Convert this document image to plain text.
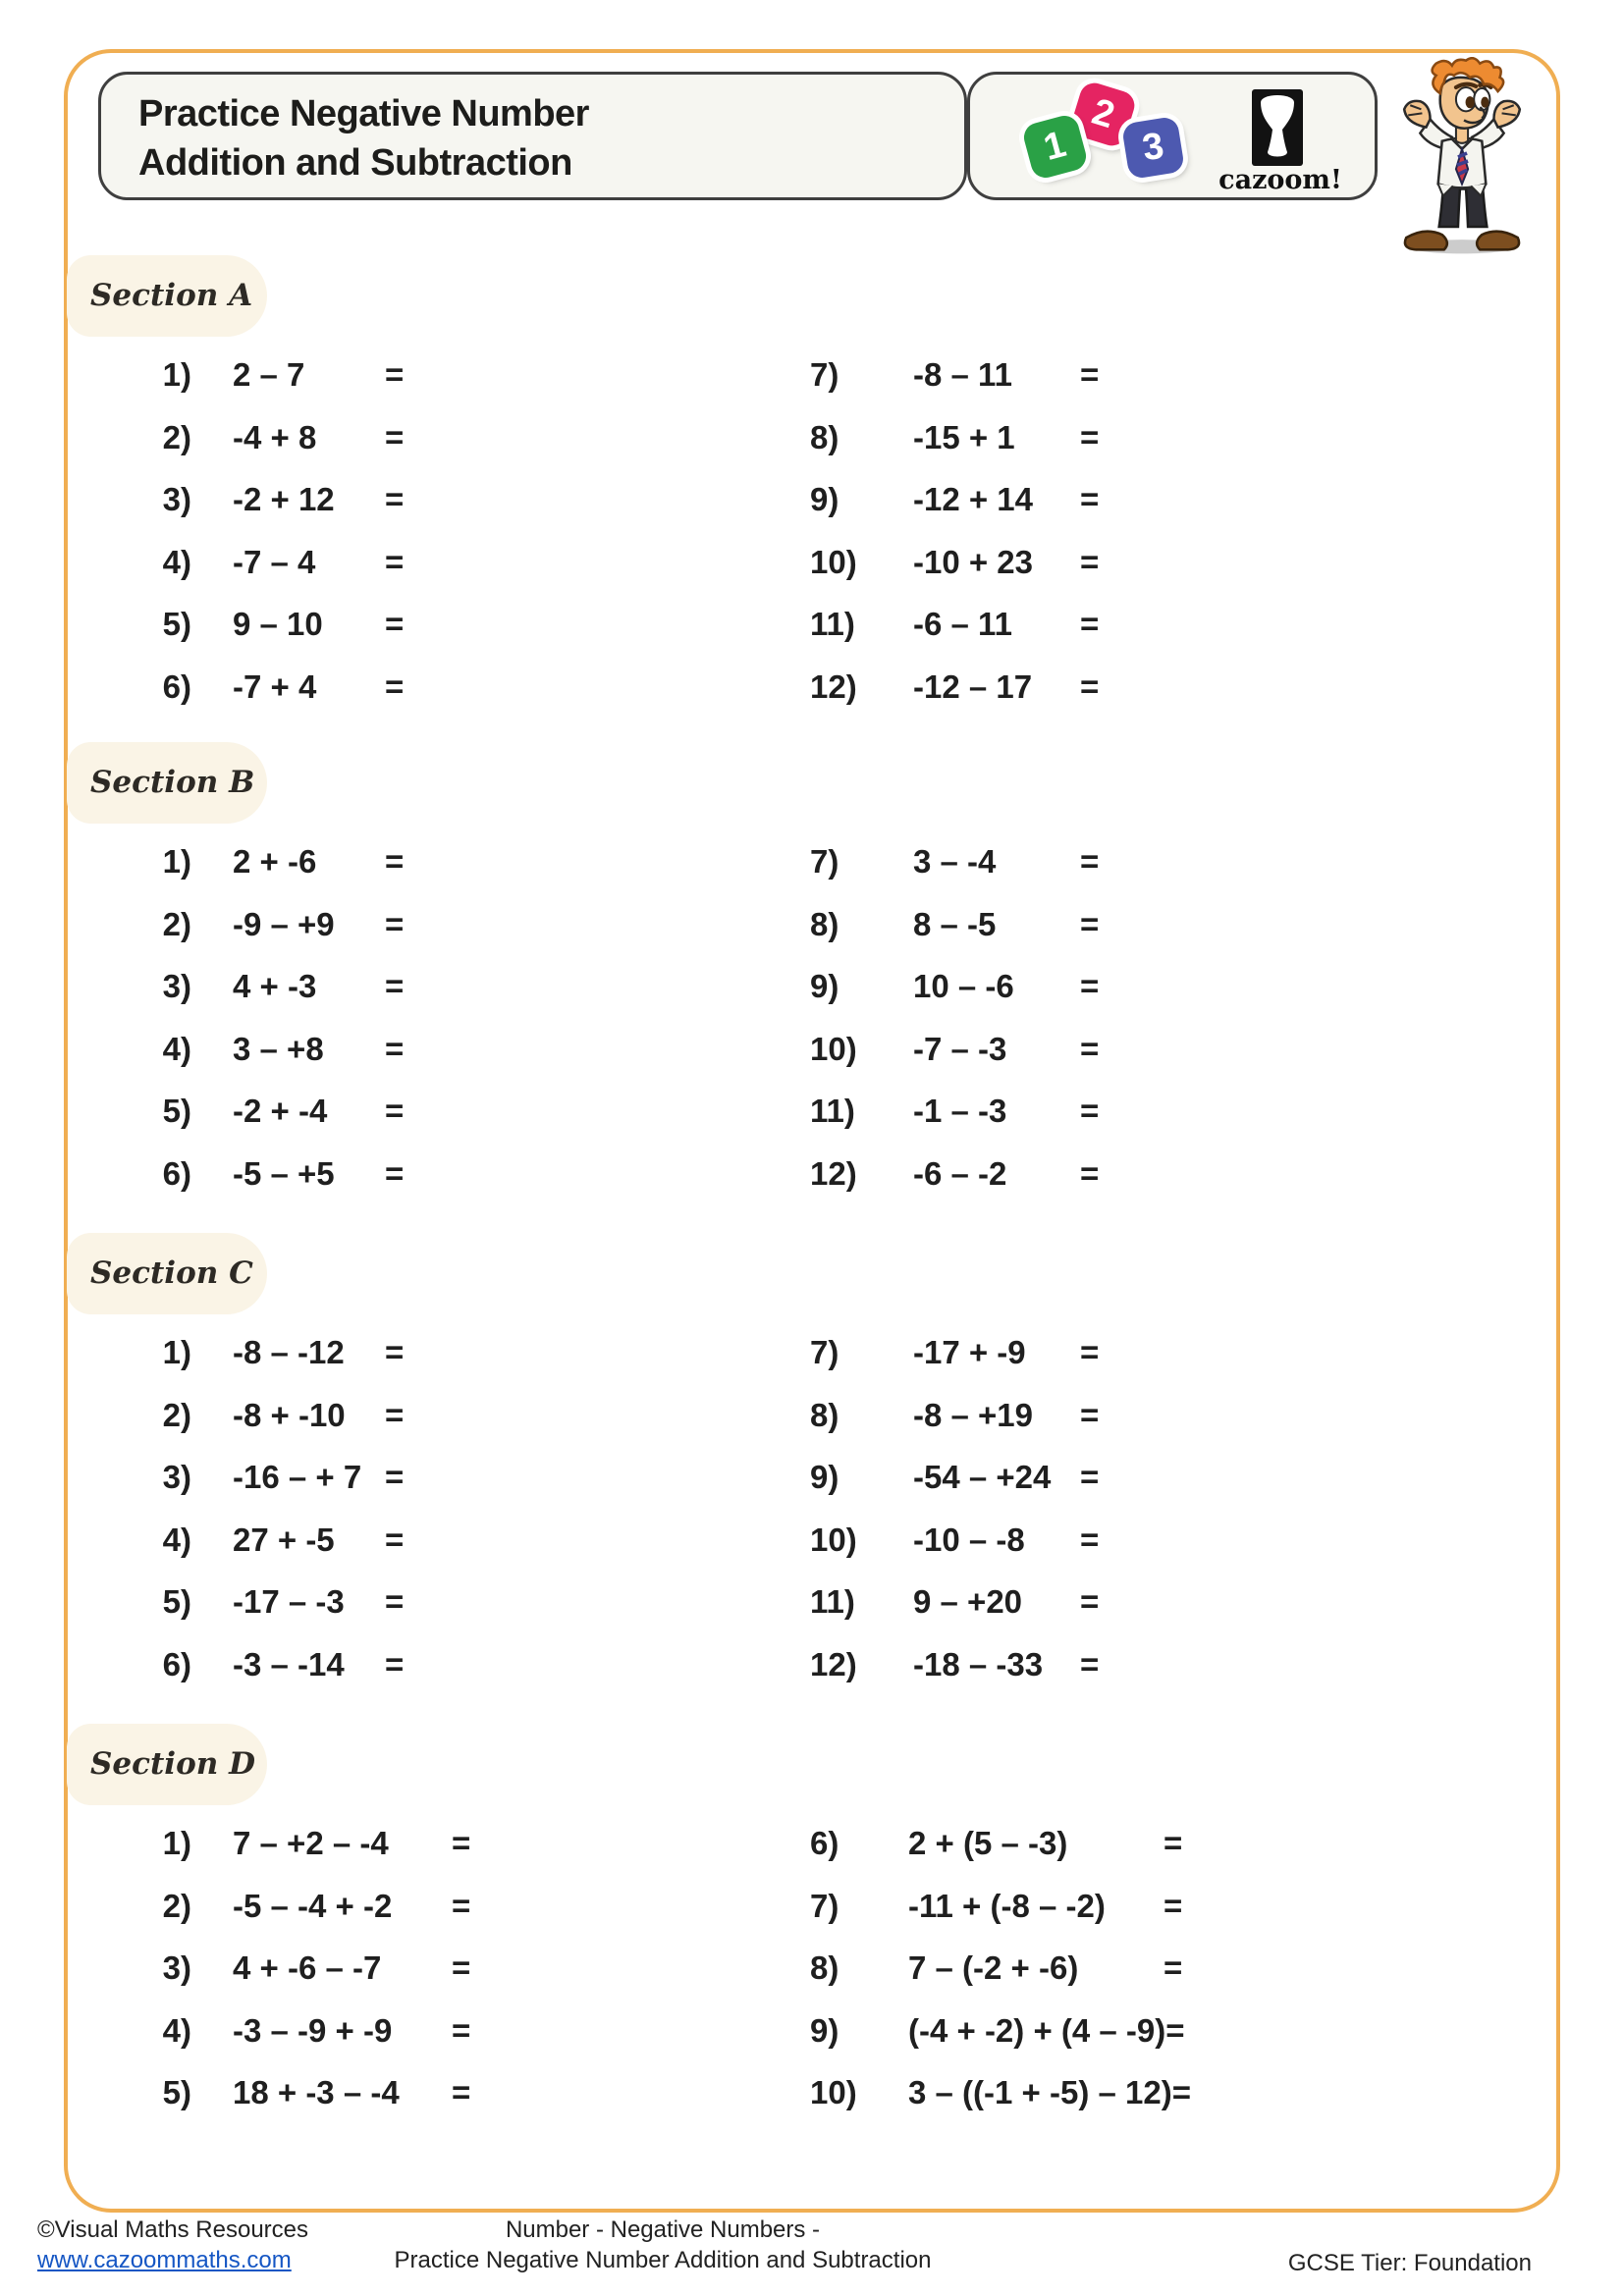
Practice Negative Number
Addition and Subtraction	1
2
3
cazoom!
Section A
1) 2 – 7	=
2) -4 + 8	=
3) -2 + 12	=
4) -7 – 4	=
5) 9 – 10	=
6) -7 + 4	=
7)	-8 – 11	=
8)	-15 + 1	=
9)	-12 + 14	=
10)	-10 + 23	=
11)	-6 – 11	=
12)	-12 – 17	=
Section B
1) 2 + -6	=
2) -9 – +9	=
3) 4 + -3	=
4) 3 – +8	=
5) -2 + -4	=
6) -5 – +5	=
7)	3 – -4	=
8)	8 – -5	=
9)	10 – -6	=
10)	-7 – -3	=
11)	-1 – -3	=
12)	-6 – -2	=
Section C
1) -8 – -12	=
2) -8 + -10	=
3) -16 – + 7 =
4) 27 + -5	=
5) -17 – -3	=
6) -3 – -14	=
7)	-17 + -9	=
8)	-8 – +19	=
9)	-54 – +24 =
10)	-10 – -8	=
11)	9 – +20	=
12)	-18 – -33	=
Section D
1) 7 – +2 – -4	=
2) -5 – -4 + -2	=
3) 4 + -6 – -7	=
4) -3 – -9 + -9	=
5) 18 + -3 – -4	=
6)	2 + (5 – -3)	=
7)	-11 + (-8 – -2)	=
8)	7 – (-2 + -6)	=
9)	(-4 + -2) + (4 – -9) =
10)	3 – ((-1 + -5) – 12) =
©Visual Maths Resources
www.cazoommaths.com
Number - Negative Numbers -
Practice Negative Number Addition and Subtraction	GCSE Tier: Foundation
